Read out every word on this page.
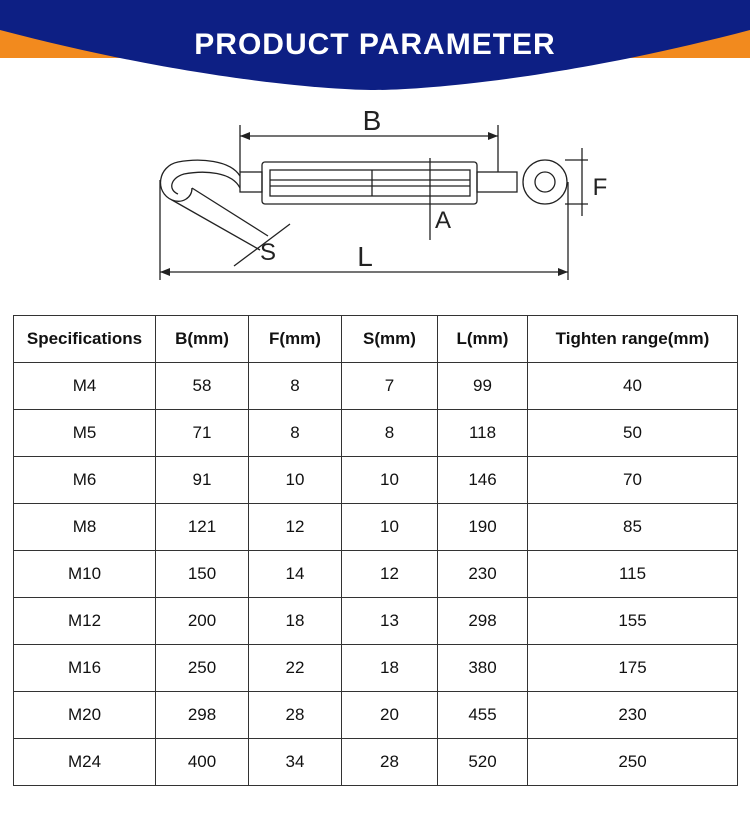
PRODUCT PARAMETER
B
F
A
S	L
Specifications	B(mm)	F(mm)	S(mm)	L(mm)	Tighten range(mm)
M4	58	8	7	99	40
M5	71	8	8	118	50
M6	91	10	10	146	70
M8	121	12	10	190	85
M10	150	14	12	230	115
M12	200	18	13	298	155
M16	250	22	18	380	175
M20	298	28	20	455	230
M24	400	34	28	520	250
